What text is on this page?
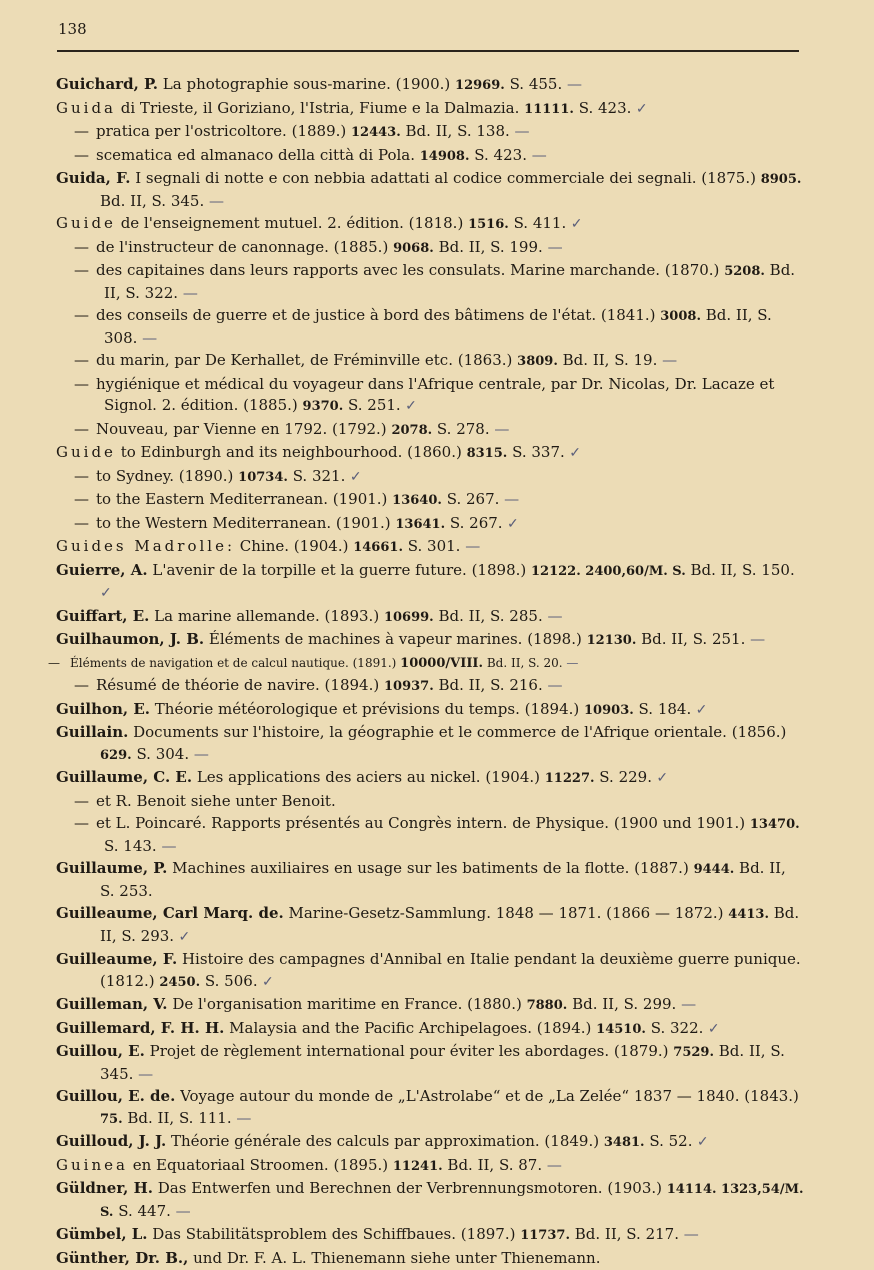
138
Guichard, P. La photographie sous-marine. (1900.) 12969. S. 455. —
Guida di Trieste, il Goriziano, l'Istria, Fiume e la Dalmazia. 11111. S. 423. ✓
— pratica per l'ostricoltore. (1889.) 12443. Bd. II, S. 138. —
— scematica ed almanaco della città di Pola. 14908. S. 423. —
Guida, F. I segnali di notte e con nebbia adattati al codice commerciale dei segnali. (1875.) 8905. Bd. II, S. 345. —
Guide de l'enseignement mutuel. 2. édition. (1818.) 1516. S. 411. ✓
— de l'instructeur de canonnage. (1885.) 9068. Bd. II, S. 199. —
— des capitaines dans leurs rapports avec les consulats. Marine marchande. (1870.) 5208. Bd. II, S. 322. —
— des conseils de guerre et de justice à bord des bâtimens de l'état. (1841.) 3008. Bd. II, S. 308. —
— du marin, par De Kerhallet, de Fréminville etc. (1863.) 3809. Bd. II, S. 19. —
— hygiénique et médical du voyageur dans l'Afrique centrale, par Dr. Nicolas, Dr. Lacaze et Signol. 2. édition. (1885.) 9370. S. 251. ✓
— Nouveau, par Vienne en 1792. (1792.) 2078. S. 278. —
Guide to Edinburgh and its neighbourhood. (1860.) 8315. S. 337. ✓
— to Sydney. (1890.) 10734. S. 321. ✓
— to the Eastern Mediterranean. (1901.) 13640. S. 267. —
— to the Western Mediterranean. (1901.) 13641. S. 267. ✓
Guides Madrolle: Chine. (1904.) 14661. S. 301. —
Guierre, A. L'avenir de la torpille et la guerre future. (1898.) 12122. 2400,60/M. S. Bd. II, S. 150. ✓
Guiffart, E. La marine allemande. (1893.) 10699. Bd. II, S. 285. —
Guilhaumon, J. B. Éléments de machines à vapeur marines. (1898.) 12130. Bd. II, S. 251. —
— Éléments de navigation et de calcul nautique. (1891.) 10000/VIII. Bd. II, S. 20. —
— Résumé de théorie de navire. (1894.) 10937. Bd. II, S. 216. —
Guilhon, E. Théorie météorologique et prévisions du temps. (1894.) 10903. S. 184. ✓
Guillain. Documents sur l'histoire, la géographie et le commerce de l'Afrique orientale. (1856.) 629. S. 304. —
Guillaume, C. E. Les applications des aciers au nickel. (1904.) 11227. S. 229. ✓
— et R. Benoit siehe unter Benoit.
— et L. Poincaré. Rapports présentés au Congrès intern. de Physique. (1900 und 1901.) 13470. S. 143. —
Guillaume, P. Machines auxiliaires en usage sur les batiments de la flotte. (1887.) 9444. Bd. II, S. 253.
Guilleaume, Carl Marq. de. Marine-Gesetz-Sammlung. 1848 — 1871. (1866 — 1872.) 4413. Bd. II, S. 293. ✓
Guilleaume, F. Histoire des campagnes d'Annibal en Italie pendant la deuxième guerre punique. (1812.) 2450. S. 506. ✓
Guilleman, V. De l'organisation maritime en France. (1880.) 7880. Bd. II, S. 299. —
Guillemard, F. H. H. Malaysia and the Pacific Archipelagoes. (1894.) 14510. S. 322. ✓
Guillou, E. Projet de règlement international pour éviter les abordages. (1879.) 7529. Bd. II, S. 345. —
Guillou, E. de. Voyage autour du monde de „L'Astrolabe“ et de „La Zelée“ 1837 — 1840. (1843.) 75. Bd. II, S. 111. —
Guilloud, J. J. Théorie générale des calculs par approximation. (1849.) 3481. S. 52. ✓
Guinea en Equatoriaal Stroomen. (1895.) 11241. Bd. II, S. 87. —
Güldner, H. Das Entwerfen und Berechnen der Verbrennungsmotoren. (1903.) 14114. 1323,54/M. S. S. 447. —
Gümbel, L. Das Stabilitätsproblem des Schiffbaues. (1897.) 11737. Bd. II, S. 217. —
Günther, Dr. B., und Dr. F. A. L. Thienemann siehe unter Thienemann.
